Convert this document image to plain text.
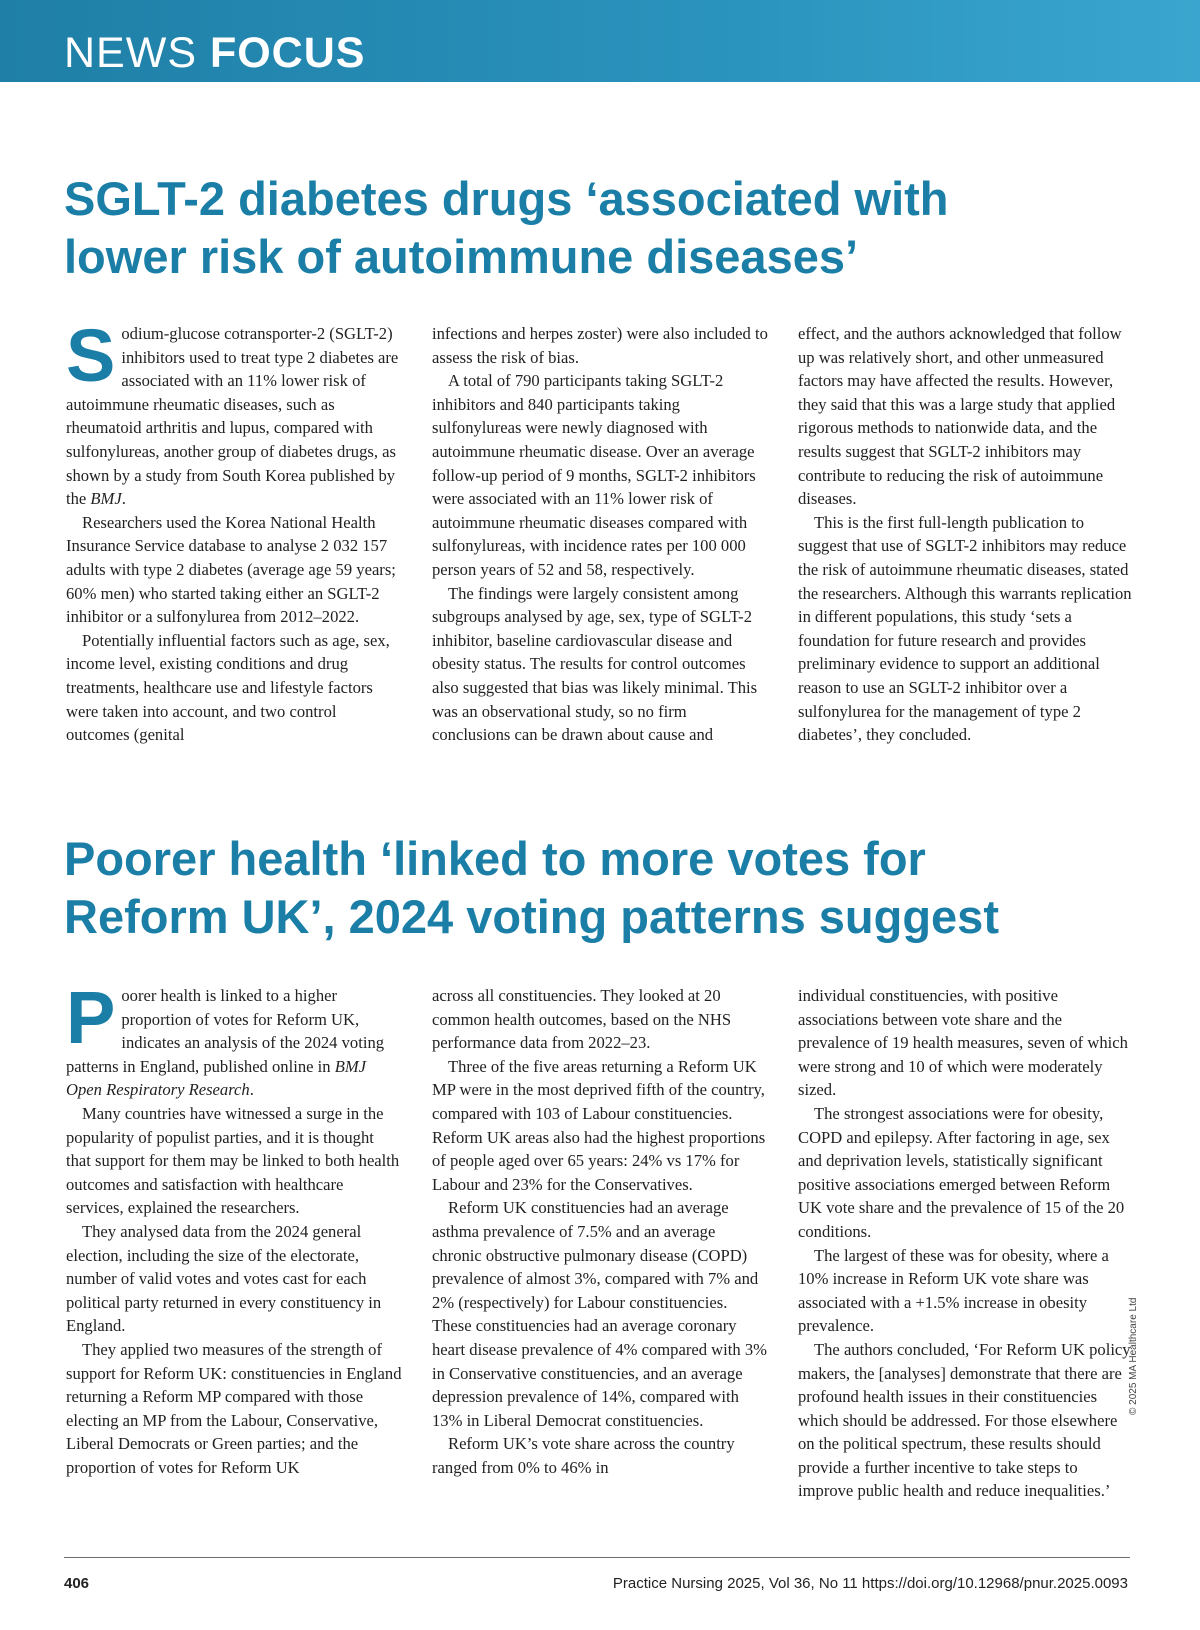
NEWS FOCUS
SGLT-2 diabetes drugs ‘associated with
lower risk of autoimmune diseases’

Sodium-glucose cotransporter-2 (SGLT-2) inhibitors used to treat type 2 diabetes are associated with an 11% lower risk of autoimmune rheumatic diseases, such as rheumatoid arthritis and lupus, compared with sulfonylureas, another group of diabetes drugs, as shown by a study from South Korea published by the BMJ.

Researchers used the Korea National Health Insurance Service database to analyse 2 032 157 adults with type 2 diabetes (average age 59 years; 60% men) who started taking either an SGLT-2 inhibitor or a sulfonylurea from 2012–2022.

Potentially influential factors such as age, sex, income level, existing conditions and drug treatments, healthcare use and lifestyle factors were taken into account, and two control outcomes (genital

infections and herpes zoster) were also included to assess the risk of bias.

A total of 790 participants taking SGLT-2 inhibitors and 840 participants taking sulfonylureas were newly diagnosed with autoimmune rheumatic disease. Over an average follow-up period of 9 months, SGLT-2 inhibitors were associated with an 11% lower risk of autoimmune rheumatic diseases compared with sulfonylureas, with incidence rates per 100 000 person years of 52 and 58, respectively.

The findings were largely consistent among subgroups analysed by age, sex, type of SGLT-2 inhibitor, baseline cardiovascular disease and obesity status. The results for control outcomes also suggested that bias was likely minimal. This was an observational study, so no firm conclusions can be drawn about cause and

effect, and the authors acknowledged that follow up was relatively short, and other unmeasured factors may have affected the results. However, they said that this was a large study that applied rigorous methods to nationwide data, and the results suggest that SGLT-2 inhibitors may contribute to reducing the risk of autoimmune diseases.

This is the first full-length publication to suggest that use of SGLT-2 inhibitors may reduce the risk of autoimmune rheumatic diseases, stated the researchers. Although this warrants replication in different populations, this study ‘sets a foundation for future research and provides preliminary evidence to support an additional reason to use an SGLT-2 inhibitor over a sulfonylurea for the management of type 2 diabetes’, they concluded.

Poorer health ‘linked to more votes for
Reform UK’, 2024 voting patterns suggest

Poorer health is linked to a higher proportion of votes for Reform UK, indicates an analysis of the 2024 voting patterns in England, published online in BMJ Open Respiratory Research.

Many countries have witnessed a surge in the popularity of populist parties, and it is thought that support for them may be linked to both health outcomes and satisfaction with healthcare services, explained the researchers.

They analysed data from the 2024 general election, including the size of the electorate, number of valid votes and votes cast for each political party returned in every constituency in England.

They applied two measures of the strength of support for Reform UK: constituencies in England returning a Reform MP compared with those electing an MP from the Labour, Conservative, Liberal Democrats or Green parties; and the proportion of votes for Reform UK

across all constituencies. They looked at 20 common health outcomes, based on the NHS performance data from 2022–23.

Three of the five areas returning a Reform UK MP were in the most deprived fifth of the country, compared with 103 of Labour constituencies. Reform UK areas also had the highest proportions of people aged over 65 years: 24% vs 17% for Labour and 23% for the Conservatives.

Reform UK constituencies had an average asthma prevalence of 7.5% and an average chronic obstructive pulmonary disease (COPD) prevalence of almost 3%, compared with 7% and 2% (respectively) for Labour constituencies. These constituencies had an average coronary heart disease prevalence of 4% compared with 3% in Conservative constituencies, and an average depression prevalence of 14%, compared with 13% in Liberal Democrat constituencies.

Reform UK’s vote share across the country ranged from 0% to 46% in

individual constituencies, with positive associations between vote share and the prevalence of 19 health measures, seven of which were strong and 10 of which were moderately sized.

The strongest associations were for obesity, COPD and epilepsy. After factoring in age, sex and deprivation levels, statistically significant positive associations emerged between Reform UK vote share and the prevalence of 15 of the 20 conditions.

The largest of these was for obesity, where a 10% increase in Reform UK vote share was associated with a +1.5% increase in obesity prevalence.

The authors concluded, ‘For Reform UK policy makers, the [analyses] demonstrate that there are profound health issues in their constituencies which should be addressed. For those elsewhere on the political spectrum, these results should provide a further incentive to take steps to improve public health and reduce inequalities.’

© 2025 MA Healthcare Ltd
406	Practice Nursing 2025, Vol 36, No 11 https://doi.org/10.12968/pnur.2025.0093
